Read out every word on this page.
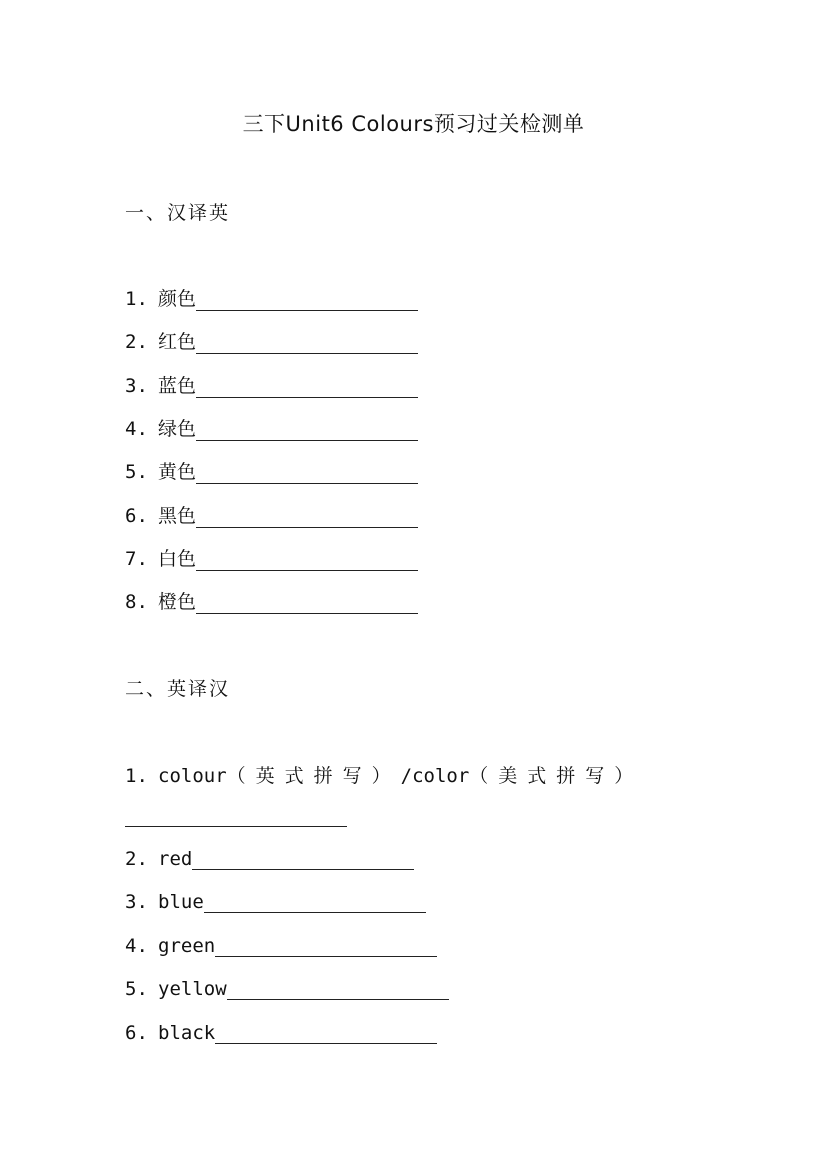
三下Unit6 Colours预习过关检测单
一、汉译英
1. 颜色
2. 红色
3. 蓝色
4. 绿色
5. 黄色
6. 黑色
7. 白色
8. 橙色
二、英译汉
1. colour（英式拼写）/color（美式拼写）
2. red
3. blue
4. green
5. yellow
6. black
